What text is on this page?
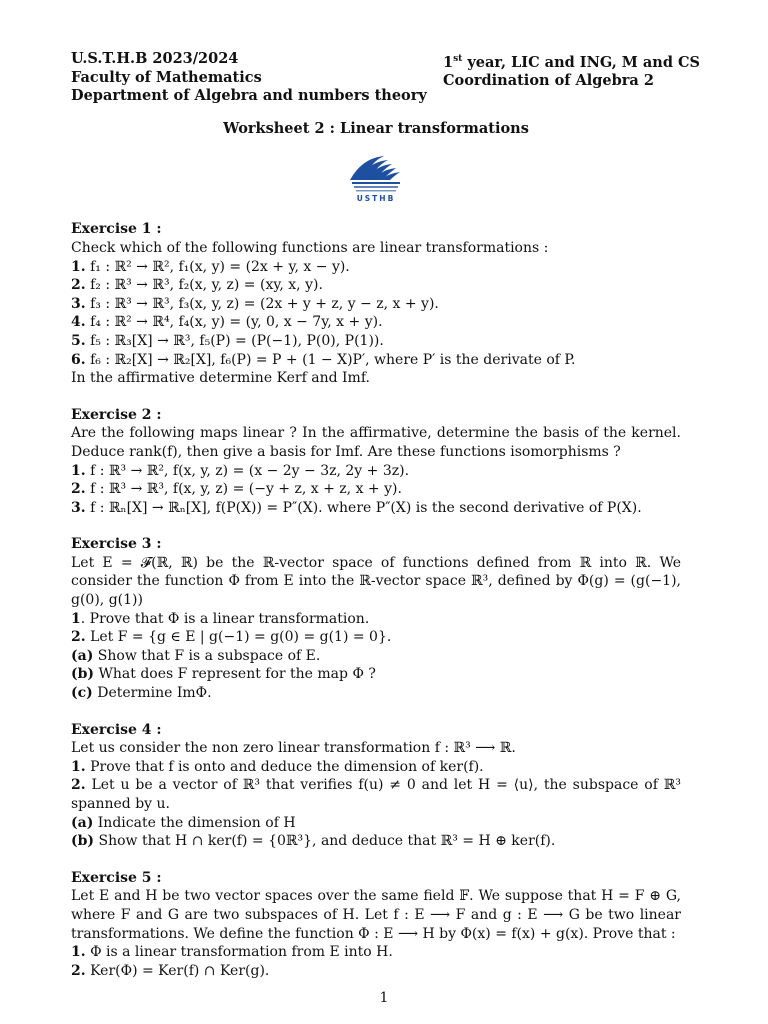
U.S.T.H.B 2023/2024
Faculty of Mathematics
Department of Algebra and numbers theory
1st year, LIC and ING, M and CS
Coordination of Algebra 2
Worksheet 2 : Linear transformations
USTHB
Exercise 1 :
Check which of the following functions are linear transformations :
1. f₁ : ℝ² → ℝ², f₁(x, y) = (2x + y, x − y).
2. f₂ : ℝ³ → ℝ³, f₂(x, y, z) = (xy, x, y).
3. f₃ : ℝ³ → ℝ³, f₃(x, y, z) = (2x + y + z, y − z, x + y).
4. f₄ : ℝ² → ℝ⁴, f₄(x, y) = (y, 0, x − 7y, x + y).
5. f₅ : ℝ₃[X] → ℝ³, f₅(P) = (P(−1), P(0), P(1)).
6. f₆ : ℝ₂[X] → ℝ₂[X], f₆(P) = P + (1 − X)P′, where P′ is the derivate of P.
In the affirmative determine Kerf and Imf.
Exercise 2 :
Are the following maps linear ? In the affirmative, determine the basis of the kernel. Deduce rank(f), then give a basis for Imf. Are these functions isomorphisms ?
1. f : ℝ³ → ℝ², f(x, y, z) = (x − 2y − 3z, 2y + 3z).
2. f : ℝ³ → ℝ³, f(x, y, z) = (−y + z, x + z, x + y).
3. f : ℝₙ[X] → ℝₙ[X], f(P(X)) = P″(X). where P″(X) is the second derivative of P(X).
Exercise 3 :
Let E = 𝓕(ℝ, ℝ) be the ℝ-vector space of functions defined from ℝ into ℝ. We consider the function Φ from E into the ℝ-vector space ℝ³, defined by Φ(g) = (g(−1), g(0), g(1))
1. Prove that Φ is a linear transformation.
2. Let F = {g ∈ E | g(−1) = g(0) = g(1) = 0}.
(a) Show that F is a subspace of E.
(b) What does F represent for the map Φ ?
(c) Determine ImΦ.
Exercise 4 :
Let us consider the non zero linear transformation f : ℝ³ ⟶ ℝ.
1. Prove that f is onto and deduce the dimension of ker(f).
2. Let u be a vector of ℝ³ that verifies f(u) ≠ 0 and let H = ⟨u⟩, the subspace of ℝ³ spanned by u.
(a) Indicate the dimension of H
(b) Show that H ∩ ker(f) = {0ℝ³}, and deduce that ℝ³ = H ⊕ ker(f).
Exercise 5 :
Let E and H be two vector spaces over the same field 𝔽. We suppose that H = F ⊕ G, where F and G are two subspaces of H. Let f : E ⟶ F and g : E ⟶ G be two linear transformations. We define the function Φ : E ⟶ H by Φ(x) = f(x) + g(x). Prove that :
1. Φ is a linear transformation from E into H.
2. Ker(Φ) = Ker(f) ∩ Ker(g).
1
